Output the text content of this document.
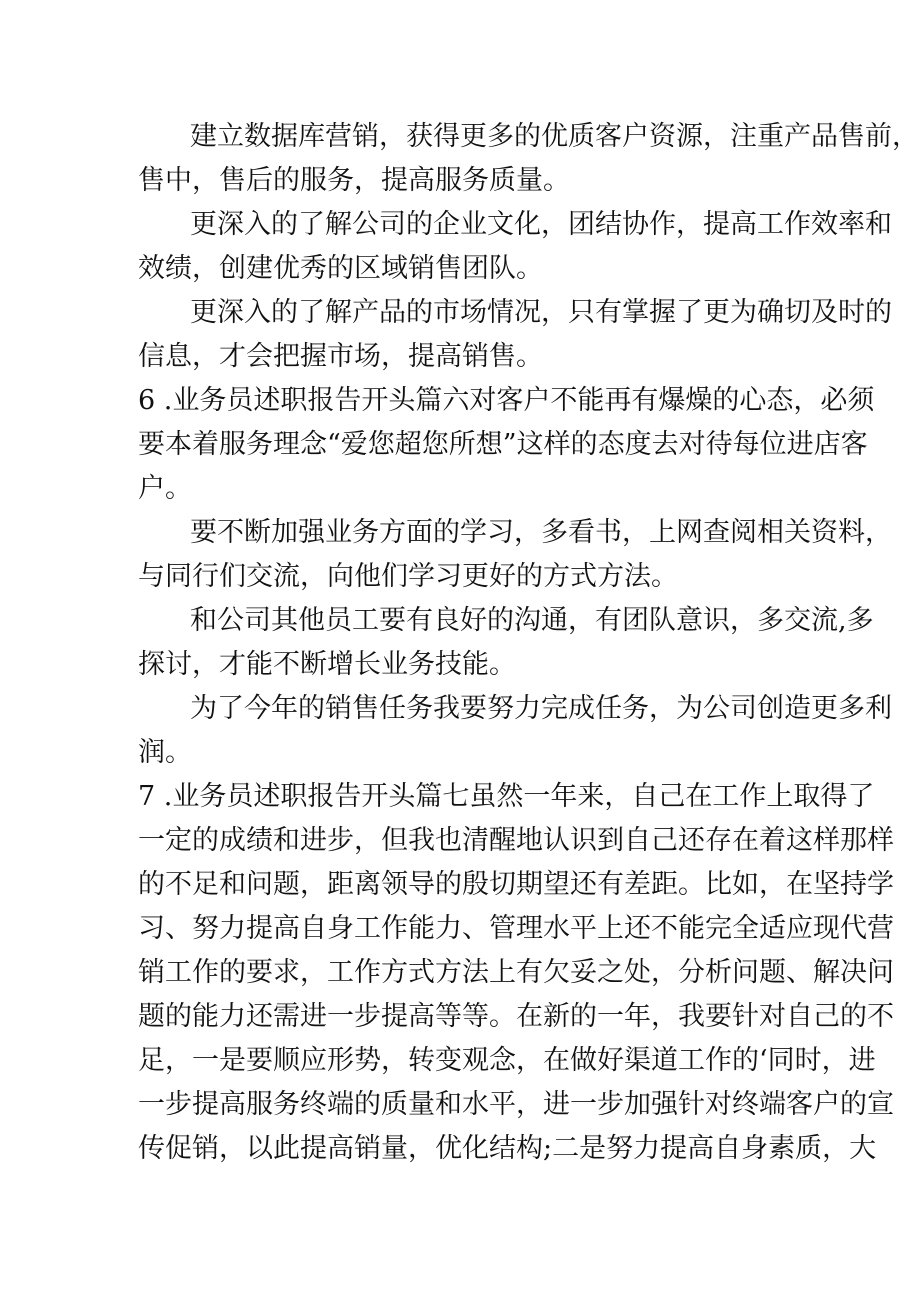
建立数据库营销，获得更多的优质客户资源，注重产品售前，
售中，售后的服务，提高服务质量。
更深入的了解公司的企业文化，团结协作，提高工作效率和
效绩，创建优秀的区域销售团队。
更深入的了解产品的市场情况，只有掌握了更为确切及时的
信息，才会把握市场，提高销售。
6 .业务员述职报告开头篇六对客户不能再有爆燥的心态，必须
要本着服务理念“爱您超您所想”这样的态度去对待每位进店客
户。
要不断加强业务方面的学习，多看书，上网查阅相关资料，
与同行们交流，向他们学习更好的方式方法。
和公司其他员工要有良好的沟通，有团队意识，多交流,多
探讨，才能不断增长业务技能。
为了今年的销售任务我要努力完成任务，为公司创造更多利
润。
7 .业务员述职报告开头篇七虽然一年来，自己在工作上取得了
一定的成绩和进步，但我也清醒地认识到自己还存在着这样那样
的不足和问题，距离领导的殷切期望还有差距。比如，在坚持学
习、努力提高自身工作能力、管理水平上还不能完全适应现代营
销工作的要求，工作方式方法上有欠妥之处，分析问题、解决问
题的能力还需进一步提高等等。在新的一年，我要针对自己的不
足，一是要顺应形势，转变观念，在做好渠道工作的‘同时，进
一步提高服务终端的质量和水平，进一步加强针对终端客户的宣
传促销，以此提高销量，优化结构;二是努力提高自身素质，大
